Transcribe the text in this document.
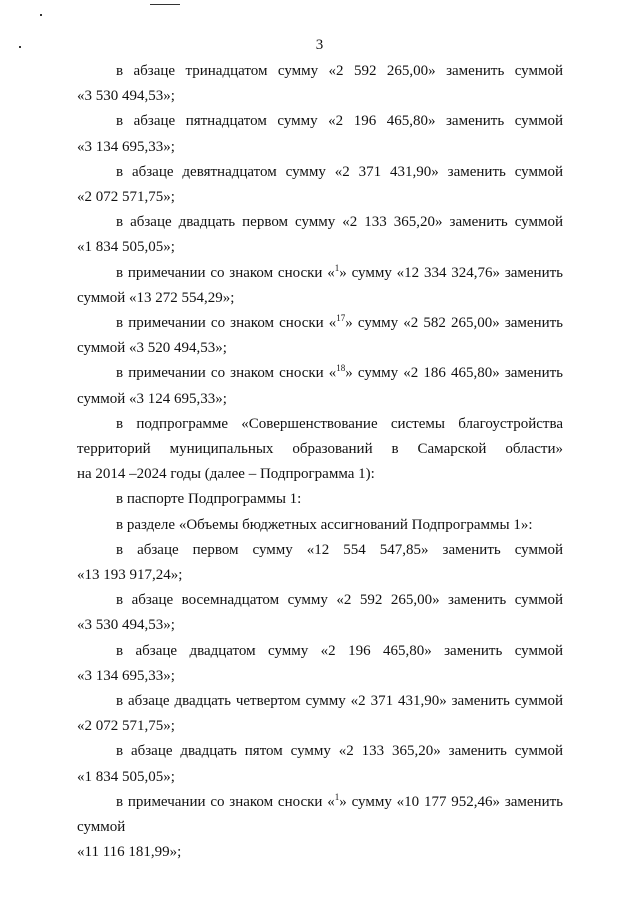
3

в абзаце тринадцатом сумму «2 592 265,00» заменить суммой

«3 530 494,53»;

в абзаце пятнадцатом сумму «2 196 465,80» заменить суммой

«3 134 695,33»;

в абзаце девятнадцатом сумму «2 371 431,90» заменить суммой

«2 072 571,75»;

в абзаце двадцать первом сумму «2 133 365,20» заменить суммой

«1 834 505,05»;

в примечании со знаком сноски «$^1$» сумму «12 334 324,76» заменить

суммой «13 272 554,29»;

в примечании со знаком сноски «$^{17}$» сумму «2 582 265,00» заменить

суммой «3 520 494,53»;

в примечании со знаком сноски «$^{18}$» сумму «2 186 465,80» заменить

суммой «3 124 695,33»;

в подпрограмме «Совершенствование системы благоустройства

территорий муниципальных образований в Самарской области»

на 2014 –2024 годы (далее – Подпрограмма 1):

в паспорте Подпрограммы 1:

в разделе «Объемы бюджетных ассигнований Подпрограммы 1»:

в абзаце первом сумму «12 554 547,85» заменить суммой

«13 193 917,24»;

в абзаце восемнадцатом сумму «2 592 265,00» заменить суммой

«3 530 494,53»;

в абзаце двадцатом сумму «2 196 465,80» заменить суммой

«3 134 695,33»;

в абзаце двадцать четвертом сумму «2 371 431,90» заменить суммой

«2 072 571,75»;

в абзаце двадцать пятом сумму «2 133 365,20» заменить суммой

«1 834 505,05»;

в примечании со знаком сноски «$^1$» сумму «10 177 952,46» заменить суммой

«11 116 181,99»;
